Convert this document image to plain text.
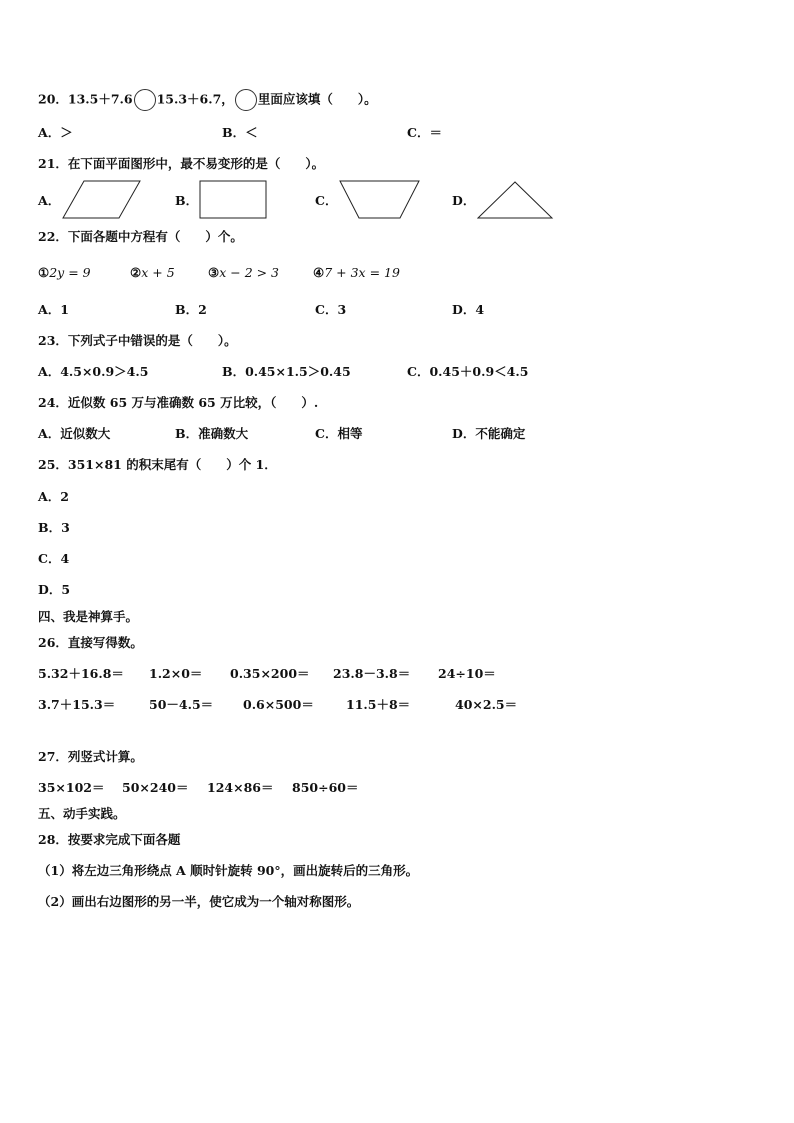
20．13.5＋7.6 15.3＋6.7， 里面应该填（　　）。
A．＞	B．＜	C．＝
21．在下面平面图形中，最不易变形的是（　　）。
A．	B．	C．	D．
22．下面各题中方程有（　　）个。
①2y = 9	②x + 5	③x − 2 > 3	④7 + 3x = 19
A．1	B．2	C．3	D．4
23．下列式子中错误的是（　　）。
A．4.5×0.9＞4.5	B．0.45×1.5＞0.45	C．0.45＋0.9＜4.5
24．近似数 65 万与准确数 65 万比较，（　　）.
A．近似数大	B．准确数大	C．相等	D．不能确定
25．351×81 的积末尾有（　　）个 1．
A．2
B．3
C．4
D．5
四、我是神算手。
26．直接写得数。
5.32＋16.8＝ 1.2×0＝ 0.35×200＝ 23.8－3.8＝ 24÷10＝
3.7＋15.3＝	50－4.5＝ 0.6×500＝	11.5＋8＝	40×2.5＝
27．列竖式计算。
35×102＝ 50×240＝ 124×86＝ 850÷60＝
五、动手实践。
28．按要求完成下面各题
（1）将左边三角形绕点 A 顺时针旋转 90°，画出旋转后的三角形。
（2）画出右边图形的另一半，使它成为一个轴对称图形。
